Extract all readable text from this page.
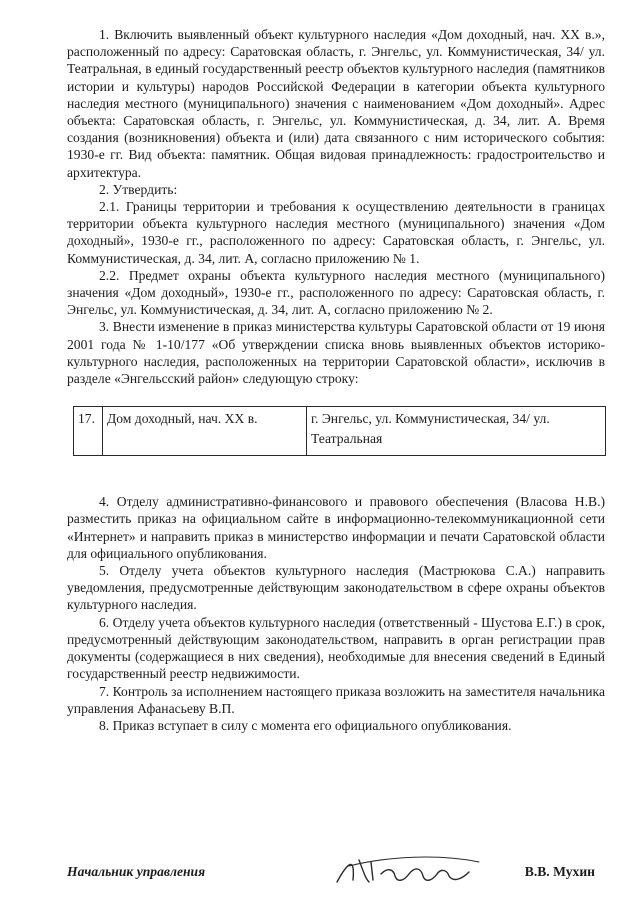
1. Включить выявленный объект культурного наследия «Дом доходный, нач. XX в.», расположенный по адресу: Саратовская область, г. Энгельс, ул. Коммунистическая, 34/ ул. Театральная, в единый государственный реестр объектов культурного наследия (памятников истории и культуры) народов Российской Федерации в категории объекта культурного наследия местного (муниципального) значения с наименованием «Дом доходный». Адрес объекта: Саратовская область, г. Энгельс, ул. Коммунистическая, д. 34, лит. А. Время создания (возникновения) объекта и (или) дата связанного с ним исторического события: 1930-е гг. Вид объекта: памятник. Общая видовая принадлежность: градостроительство и архитектура.

2. Утвердить:

2.1. Границы территории и требования к осуществлению деятельности в границах территории объекта культурного наследия местного (муниципального) значения «Дом доходный», 1930-е гг., расположенного по адресу: Саратовская область, г. Энгельс, ул. Коммунистическая, д. 34, лит. А, согласно приложению № 1.

2.2. Предмет охраны объекта культурного наследия местного (муниципального) значения «Дом доходный», 1930-е гг., расположенного по адресу: Саратовская область, г. Энгельс, ул. Коммунистическая, д. 34, лит. А, согласно приложению № 2.

3. Внести изменение в приказ министерства культуры Саратовской области от 19 июня 2001 года № 1-10/177 «Об утверждении списка вновь выявленных объектов историко-культурного наследия, расположенных на территории Саратовской области», исключив в разделе «Энгельсский район» следующую строку:

17.	Дом доходный, нач. XX в.	г. Энгельс, ул. Коммунистическая, 34/ ул. Театральная

4. Отделу административно-финансового и правового обеспечения (Власова Н.В.) разместить приказ на официальном сайте в информационно-телекоммуникационной сети «Интернет» и направить приказ в министерство информации и печати Саратовской области для официального опубликования.

5. Отделу учета объектов культурного наследия (Мастрюкова С.А.) направить уведомления, предусмотренные действующим законодательством в сфере охраны объектов культурного наследия.

6. Отделу учета объектов культурного наследия (ответственный - Шустова Е.Г.) в срок, предусмотренный действующим законодательством, направить в орган регистрации прав документы (содержащиеся в них сведения), необходимые для внесения сведений в Единый государственный реестр недвижимости.

7. Контроль за исполнением настоящего приказа возложить на заместителя начальника управления Афанасьеву В.П.

8. Приказ вступает в силу с момента его официального опубликования.

Начальник управления	В.В. Мухин
